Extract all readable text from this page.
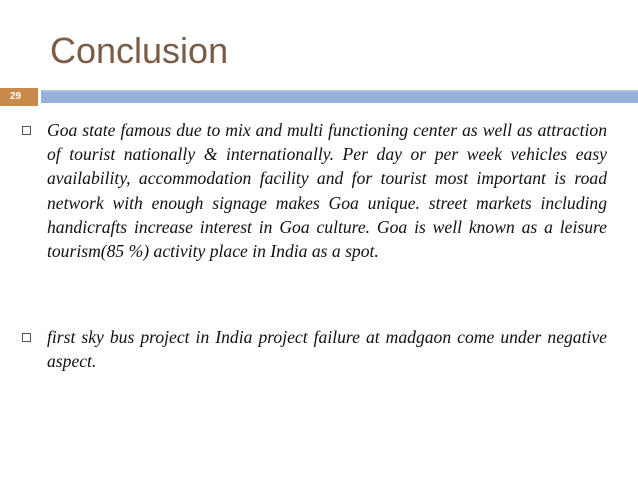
Conclusion
29
Goa state famous due to mix and multi functioning center as well as attraction of tourist nationally & internationally. Per day or per week vehicles easy availability, accommodation facility and for tourist most important is road network with enough signage makes Goa unique. street markets including handicrafts increase interest in Goa culture. Goa is well known as a leisure tourism(85 %) activity place in India as a spot.
first sky bus project in India project failure at madgaon come under negative aspect.
